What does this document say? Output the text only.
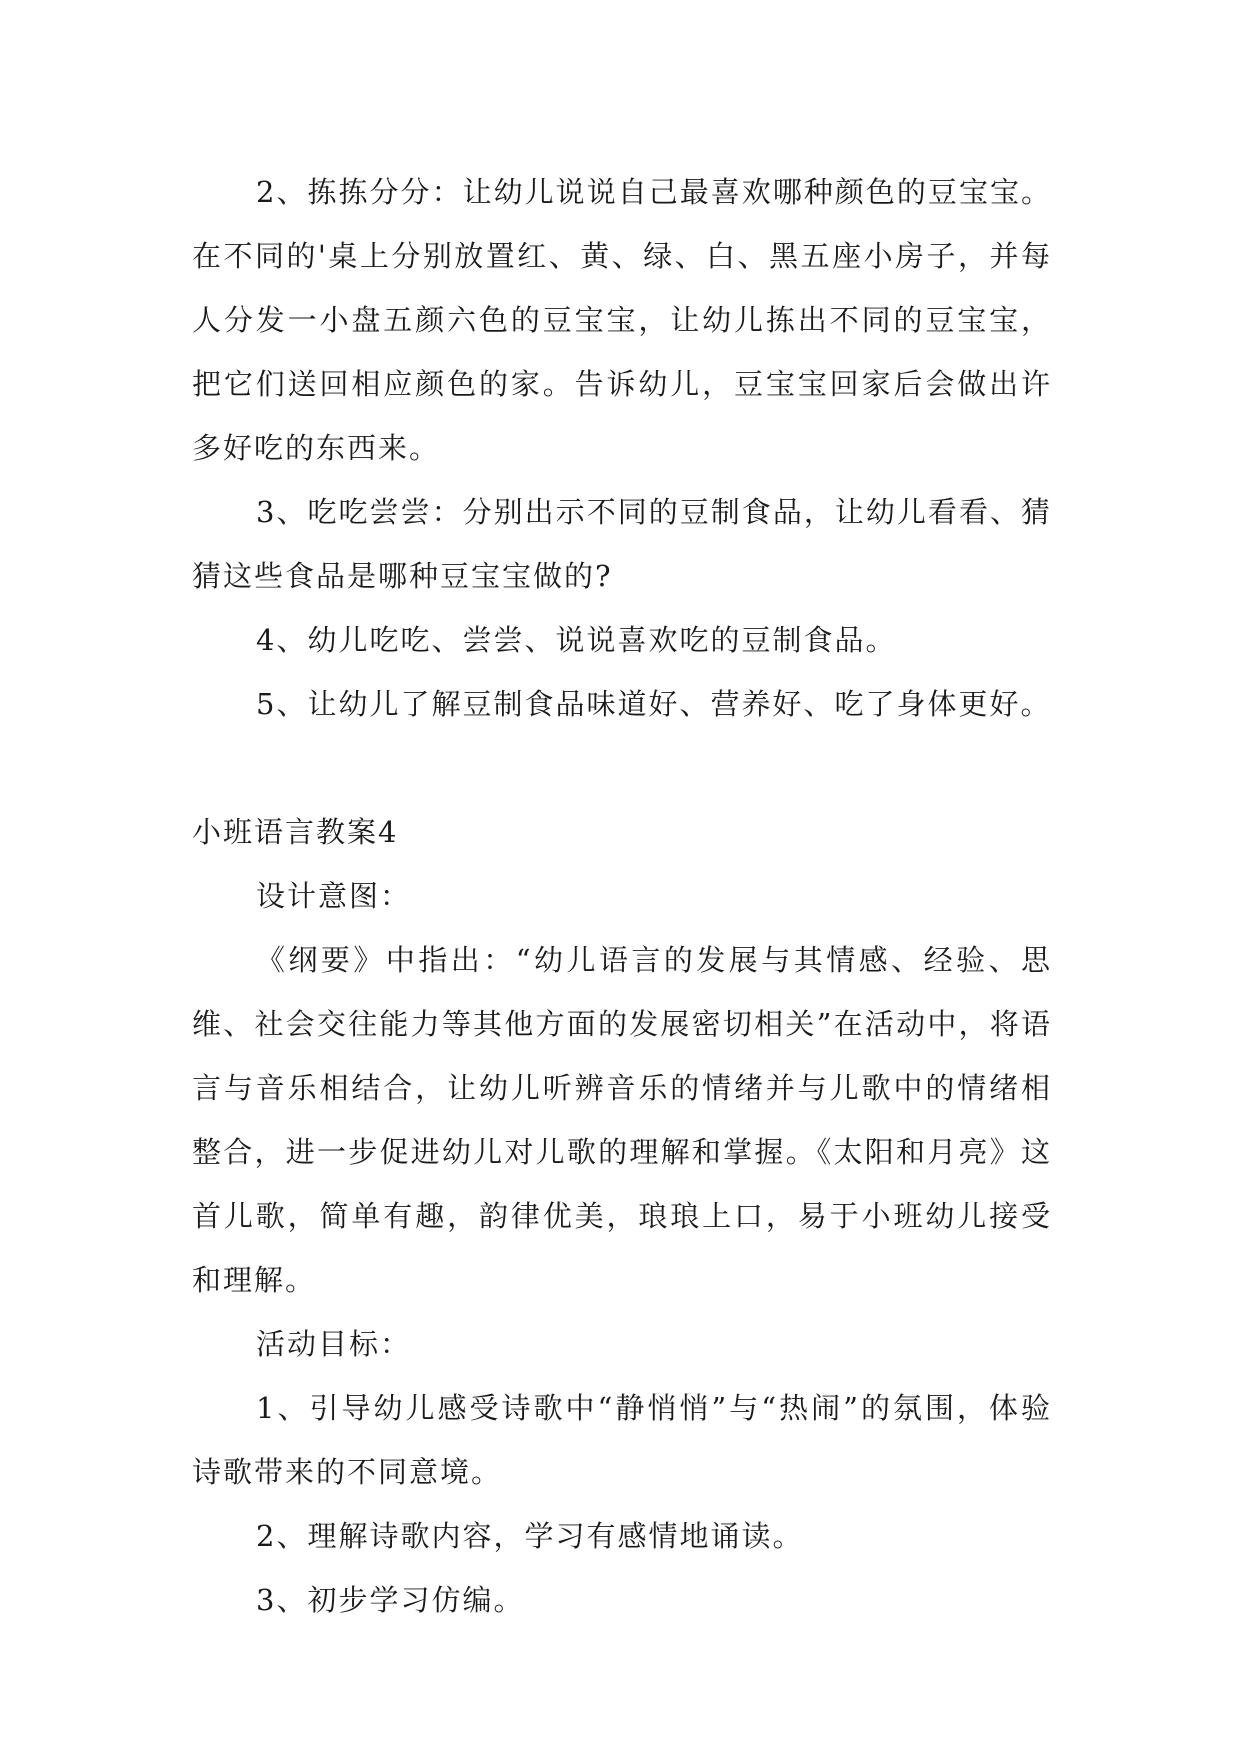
2、拣拣分分：让幼儿说说自己最喜欢哪种颜色的豆宝宝。在不同的'桌上分别放置红、黄、绿、白、黑五座小房子，并每人分发一小盘五颜六色的豆宝宝，让幼儿拣出不同的豆宝宝，把它们送回相应颜色的家。告诉幼儿，豆宝宝回家后会做出许多好吃的东西来。

3、吃吃尝尝：分别出示不同的豆制食品，让幼儿看看、猜猜这些食品是哪种豆宝宝做的?

4、幼儿吃吃、尝尝、说说喜欢吃的豆制食品。

5、让幼儿了解豆制食品味道好、营养好、吃了身体更好。

小班语言教案4

设计意图：

《纲要》中指出：“幼儿语言的发展与其情感、经验、思维、社会交往能力等其他方面的发展密切相关”在活动中，将语言与音乐相结合，让幼儿听辨音乐的情绪并与儿歌中的情绪相整合，进一步促进幼儿对儿歌的理解和掌握。《太阳和月亮》这首儿歌，简单有趣，韵律优美，琅琅上口，易于小班幼儿接受和理解。

活动目标：

1、引导幼儿感受诗歌中“静悄悄”与“热闹”的氛围，体验诗歌带来的不同意境。

2、理解诗歌内容，学习有感情地诵读。

3、初步学习仿编。
